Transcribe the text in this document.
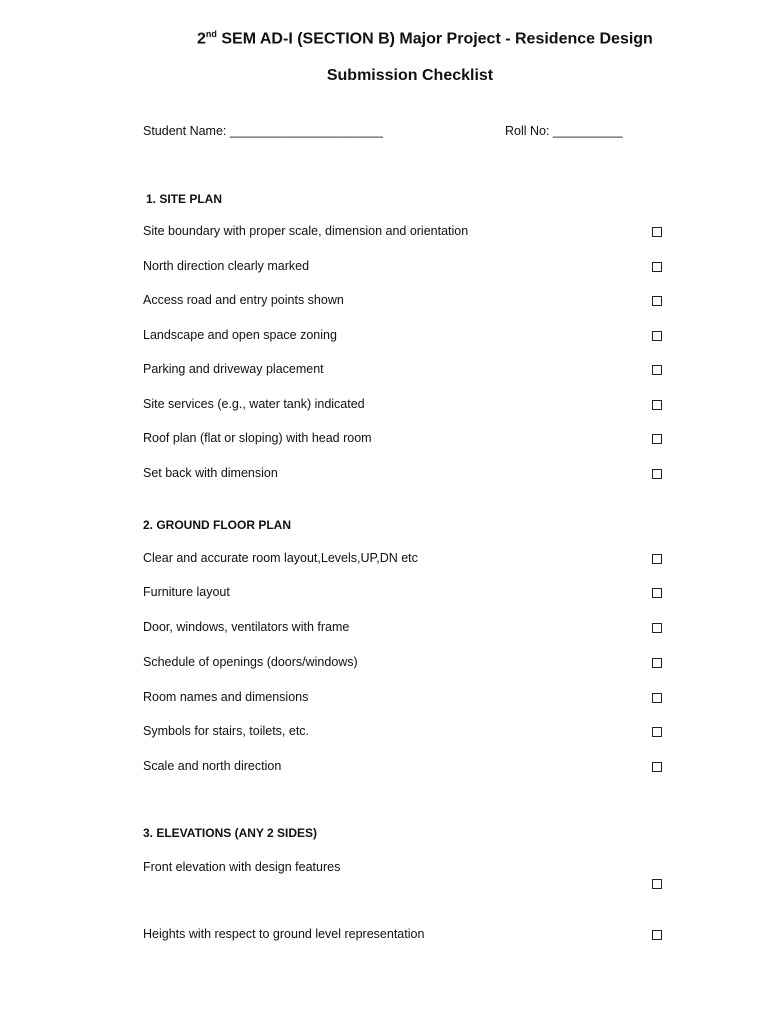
2nd SEM AD-I (SECTION B) Major Project - Residence Design
Submission Checklist
Student Name: ______________________	Roll No: __________
1. SITE PLAN
Site boundary with proper scale, dimension and orientation
North direction clearly marked
Access road and entry points shown
Landscape and open space zoning
Parking and driveway placement
Site services (e.g., water tank) indicated
Roof plan (flat or sloping) with head room
Set back with dimension
2. GROUND FLOOR PLAN
Clear and accurate room layout,Levels,UP,DN etc
Furniture layout
Door, windows, ventilators with frame
Schedule of openings (doors/windows)
Room names and dimensions
Symbols for stairs, toilets, etc.
Scale and north direction
3. ELEVATIONS (ANY 2 SIDES)
Front elevation with design features
Heights with respect to ground level representation
